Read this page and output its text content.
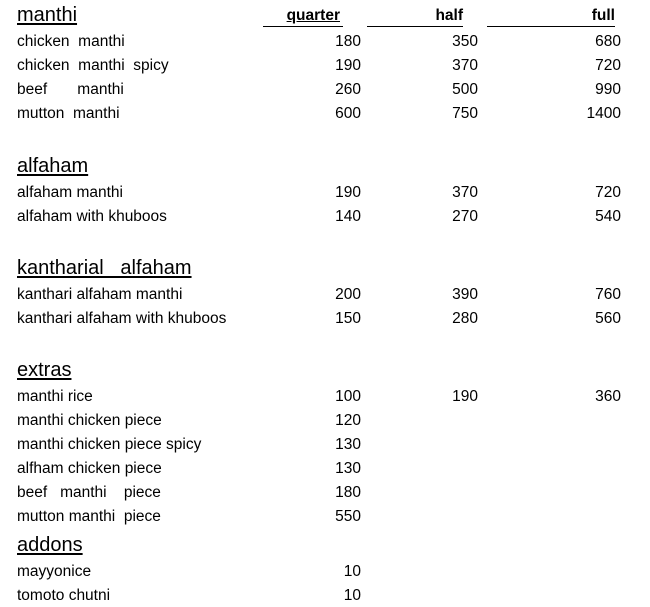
quarter	half	full
manthi
chicken  manthi	180	350	680
chicken  manthi  spicy	190	370	720
beef       manthi	260	500	990
mutton  manthi	600	750	1400
alfaham
alfaham manthi	190	370	720
alfaham with khuboos	140	270	540
kantharial   alfaham
kanthari alfaham manthi	200	390	760
kanthari alfaham with khuboos	150	280	560
extras
manthi rice	100	190	360
manthi chicken piece	120
manthi chicken piece spicy	130
alfham chicken piece	130
beef   manthi    piece	180
mutton manthi  piece	550
addons
mayyonice	10
tomoto chutni	10
